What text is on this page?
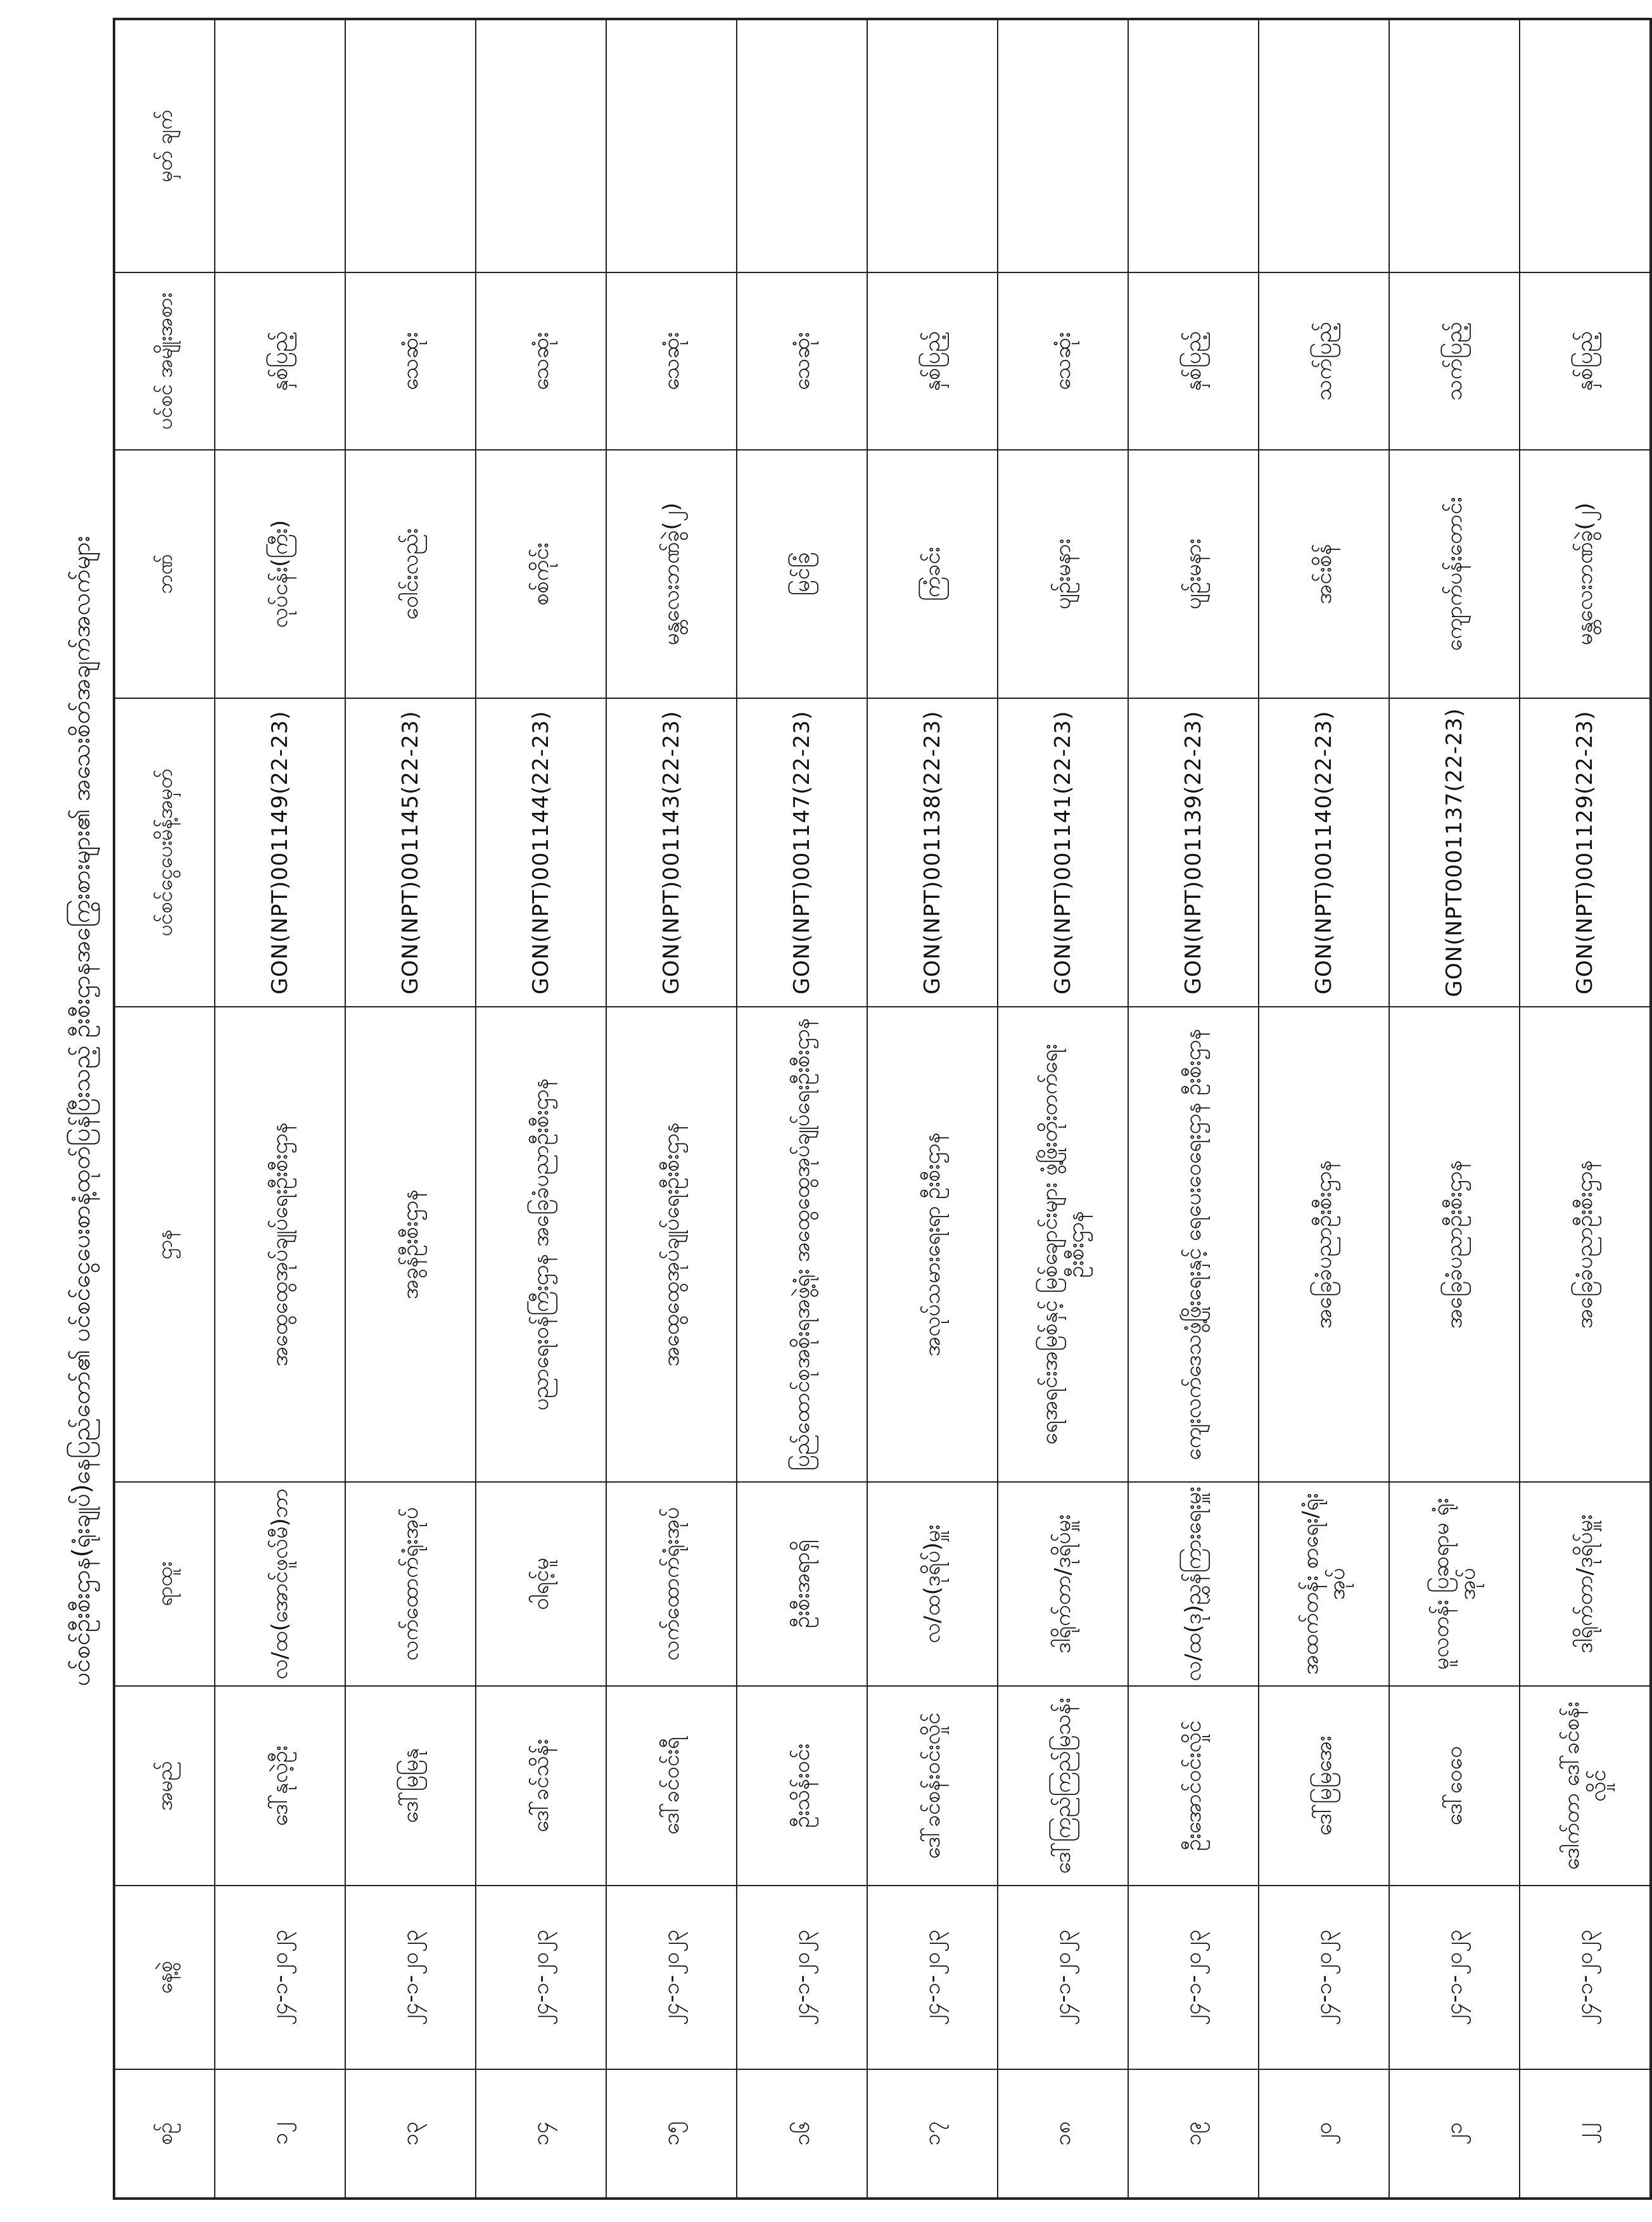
ပင်စင်ဦးစီးဌာန(ရုံးချုပ်)နေပြည်တော်၏ ပင်စင်ငွေပေးစာနံ့ထုတ်ပြန်ပြီးသည့် ဦးစီးဌာနအကြွေးစားများ၏ အသေးစိတ်အချက်အလက်များ
စဉ်	နေ့စွဲ	အမည်	ရာထူး	ဌာန	ပင်စင်ငွေပေးမိန့်အမှတ်	ဘဏ်	ပင်စင် အမျိုးအစား	မှတ် ချက်
၁၂	၂၄-၁-၂၀၂၃	ဒေါ်နုလဲ့ဦး	လ/ထ(အောင်ဖူလ်မီ)ဘာ	အထွေထွေအုပ်ချုပ်ရေးဦးစီးဌာန	GON(NPT)001149(22-23)	လုပ်ငန်း(ကြီး)	နှစ်ပြည့်	
၁၃	၂၄-၁-၂၀၂၃	ဒေါ်မြမြနု	လက်ထောက်ရုံးအုပ်	အခွန်ဦးစီးဌာန	GON(NPT)001145(22-23)	ဝေါင်းလည်း	သေဆုံး	
၁၄	၂၄-၁-၂၀၂၃	ဒေါ်ခင်သိန်း	ဝါရင့်မူ	ပညာရေးဝန်ကြီးဌာန အခြေခံပညာဦးစီးဌာန	GON(NPT)001144(22-23)	စစ်ကိုင်း	သေဆုံး	
၁၅	၂၄-၁-၂၀၂၃	ဒေါ်ခင်ဝင်းရီ	လက်ထောက်ရုံးအုပ်	အထွေထွေအုပ်ချုပ်ရေးဦးစီးဌာန	GON(NPT)001143(22-23)	မန္တလေးဘဏ်ခွဲ(၂)	သေဆုံး	
၁၆	၂၄-၁-၂၀၂၃	ဦးသိန်းဝင်း	ဦးစီးအရာရှိ	ပြည်ထောင်စုအစိုးရအဖွဲ့ရုံး အထွေထွေအုပ်ချုပ်ရေးဦးစီးဌာန	GON(NPT)001147(22-23)	မြင်ခြံ	သေဆုံး	
၁၇	၂၄-၁-၂၀၂၃	ဒေါ်ခင်စန်းဝင်းလှိုင်	လ/ထ(ဒုရိပ်)မှူး	အလုပ်သမားရေးရာ ဦးစီးဌာန	GON(NPT)001138(22-23)	ကြံခင်း	နှစ်ပြည့်	
၁၈	၂၄-၁-၂၀၂၃	ဒေါ်ကြည်ကြည်မြသန်း	ဒါရိုက်တာ/ဒုရိပ်မှူး	ရေအရင်းအမြစ်နှင့် မြစ်ချောင်းများ ဖွံ့ဖြိုးတိုးတက်ရေးဦးစီးဌာန	GON(NPT)001141(22-23)	ပျဉ်းမနား	သေဆုံး	
၁၉	၂၄-၁-၂၀၂၃	ဦးအောင်ဝင်းလှိုင်	လ/ထ(ဒု)ညွှန်ကြားရေးမှူး	ကျေးလက်ဒေသဖွံ့ဖြိုးရေးနှင့် ရေပေးဝေရေးဌာန ဦးစီးဌာန	GON(NPT)001139(22-23)	ပျဉ်းမနား	နှစ်ပြည့်	
၂၀	၂၄-၁-၂၀၂၃	ဒေါ်မြမြအေး	အထက်တန်း စာရေး/ရုံးအုပ်	အခြေခံပညာဦးစီးဌာန	GON(NPT)001140(22-23)	အင်းစိန်	သက်ပြည့်	
၂၁	၂၄-၁-၂၀၂၃	ဒေါ်ဝေဝေ	မူလတန်း ပြဆရာမ ရုံးအုပ်	အခြေခံပညာဦးစီးဌာန	GON(NPT0001137(22-23)	ကျောက်ပန်းတောင်း	သက်ပြည့်	
၂၂	၂၄-၁-၂၀၂၃	ဒေါက်တာ ဒေါ်ခင်စန်းလှိုင်	ဒါရိုက်တာ/ဒုရိပ်မှူး	အခြေခံပညာဦးစီးဌာန	GON(NPT)001129(22-23)	မန္တလေးဘဏ်ခွဲ(၂)	နှစ်ပြည့်	
